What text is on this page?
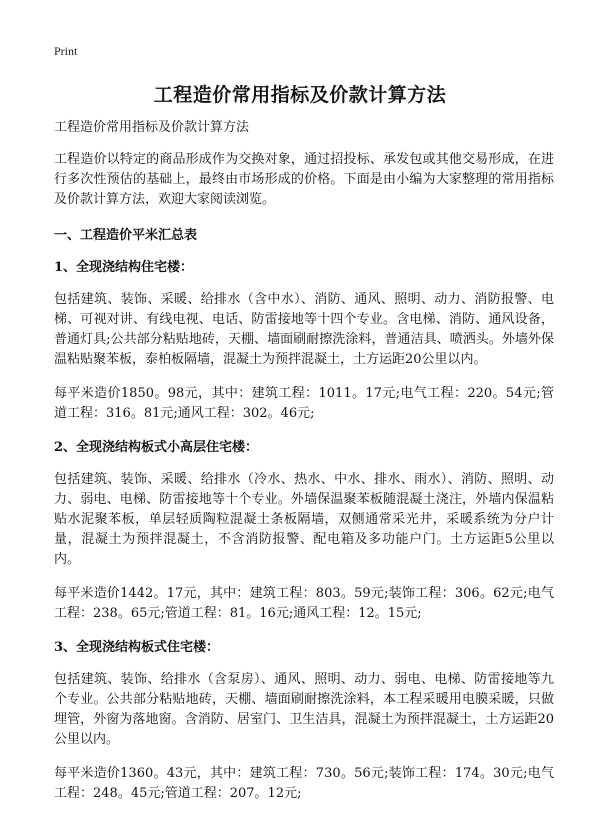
Print
工程造价常用指标及价款计算方法

工程造价常用指标及价款计算方法

工程造价以特定的商品形成作为交换对象，通过招投标、承发包或其他交易形成，在进行多次性预估的基础上，最终由市场形成的价格。下面是由小编为大家整理的常用指标及价款计算方法，欢迎大家阅读浏览。

一、工程造价平米汇总表

1、全现浇结构住宅楼：

包括建筑、装饰、采暖、给排水（含中水）、消防、通风、照明、动力、消防报警、电梯、可视对讲、有线电视、电话、防雷接地等十四个专业。含电梯、消防、通风设备，普通灯具;公共部分粘贴地砖，天棚、墙面刷耐擦洗涂料，普通洁具、喷洒头。外墙外保温粘贴聚苯板，泰柏板隔墙，混凝土为预拌混凝土，土方运距20公里以内。

每平米造价1850。98元，其中：建筑工程：1011。17元;电气工程：220。54元;管道工程：316。81元;通风工程：302。46元;

2、全现浇结构板式小高层住宅楼：

包括建筑、装饰、采暖、给排水（冷水、热水、中水、排水、雨水）、消防、照明、动力、弱电、电梯、防雷接地等十个专业。外墙保温聚苯板随混凝土浇注，外墙内保温粘贴水泥聚苯板，单层轻质陶粒混凝土条板隔墙，双侧通常采光井，采暖系统为分户计量，混凝土为预拌混凝土，不含消防报警、配电箱及多功能户门。土方运距5公里以内。

每平米造价1442。17元，其中：建筑工程：803。59元;装饰工程：306。62元;电气工程：238。65元;管道工程：81。16元;通风工程：12。15元;

3、全现浇结构板式住宅楼：

包括建筑、装饰、给排水（含泵房）、通风、照明、动力、弱电、电梯、防雷接地等九个专业。公共部分粘贴地砖，天棚、墙面刷耐擦洗涂料，本工程采暖用电膜采暖，只做埋管，外窗为落地窗。含消防、居室门、卫生洁具，混凝土为预拌混凝土，土方运距20公里以内。

每平米造价1360。43元，其中：建筑工程：730。56元;装饰工程：174。30元;电气工程：248。45元;管道工程：207。12元;
